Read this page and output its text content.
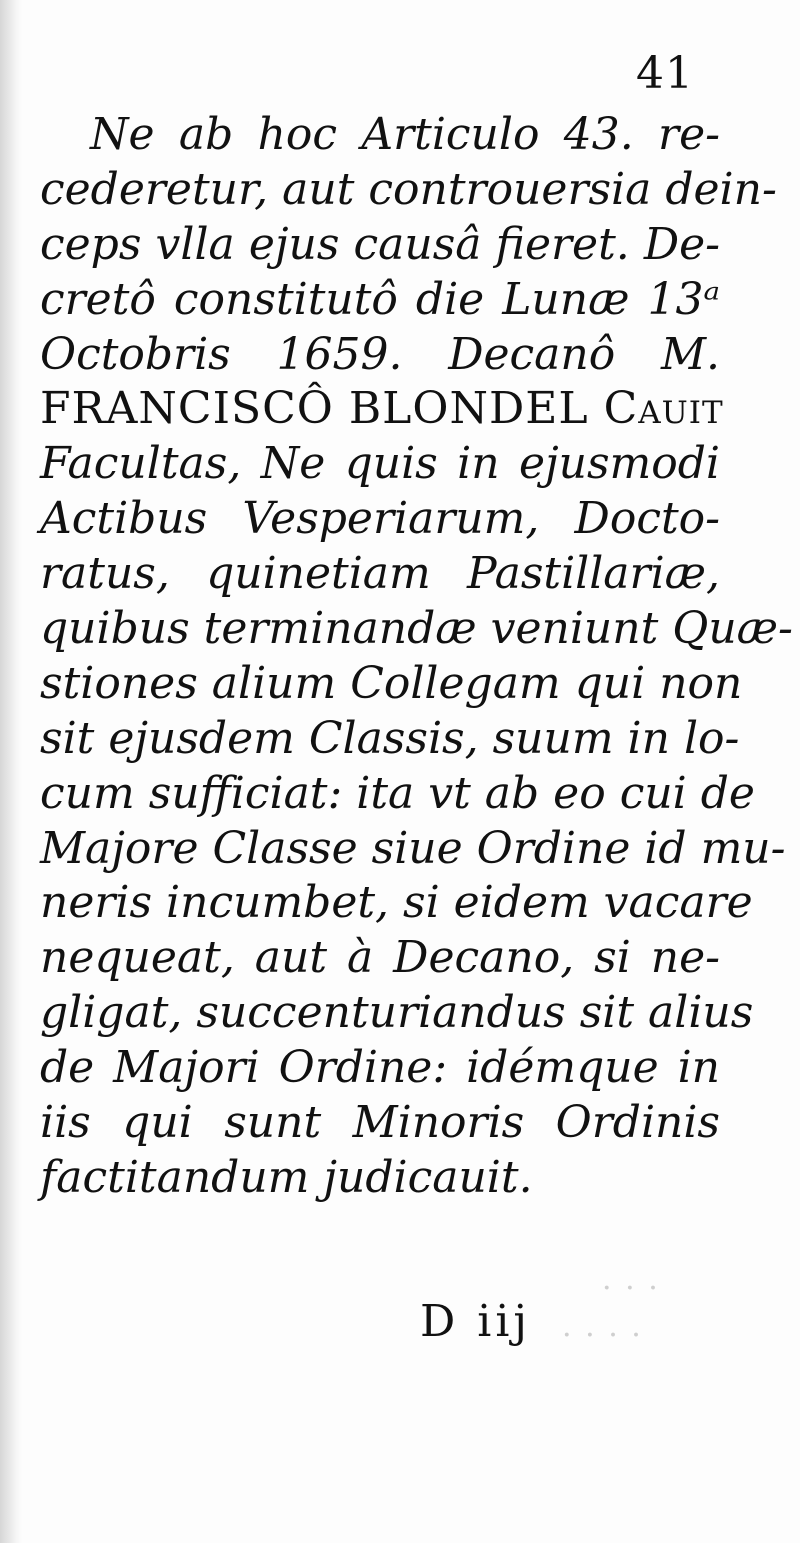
. . .
· · · ·
41
Ne ab hoc Articulo 43. re-
cederetur, aut controuersia dein-
ceps vlla ejus causâ fieret. De-
cretô constitutô die Lunæ 13ᵃ
Octobris 1659. Decanô M.
FRANCISCÔ BLONDEL Cauit
Facultas, Ne quis in ejusmodi
Actibus Vesperiarum, Docto-
ratus, quinetiam Pastillariæ,
quibus terminandæ veniunt Quæ-
stiones alium Collegam qui non
sit ejusdem Classis, suum in lo-
cum sufficiat: ita vt ab eo cui de
Majore Classe siue Ordine id mu-
neris incumbet, si eidem vacare
nequeat, aut à Decano, si ne-
gligat, succenturiandus sit alius
de Majori Ordine: idémque in
iis qui sunt Minoris Ordinis
factitandum judicauit.
D iij
